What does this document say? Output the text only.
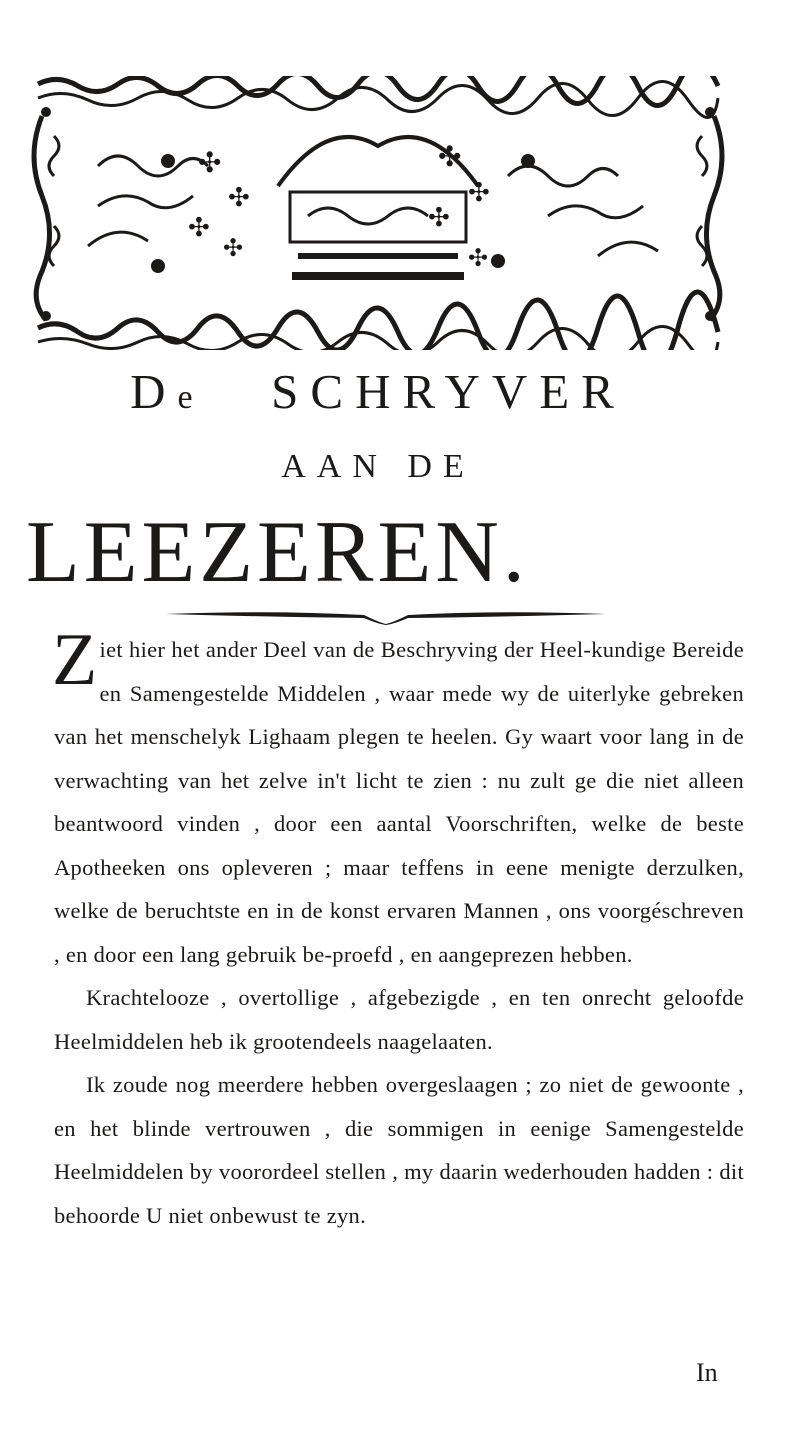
✣
✣
✣
✣
✣
✣
✣
✣
De SCHRYVER
AAN DE
LEEZEREN.

Ziet hier het ander Deel van de Beschryving der Heel-kundige Bereide en Samengestelde Middelen , waar mede wy de uiterlyke gebreken van het menschelyk Lighaam plegen te heelen. Gy waart voor lang in de verwachting van het zelve in't licht te zien : nu zult ge die niet alleen beantwoord vinden , door een aantal Voorschriften, welke de beste Apotheeken ons opleveren ; maar teffens in eene menigte derzulken, welke de beruchtste en in de konst ervaren Mannen , ons voorgéschreven , en door een lang gebruik be-proefd , en aangeprezen hebben.

Krachtelooze , overtollige , afgebezigde , en ten onrecht geloofde Heelmiddelen heb ik grootendeels naagelaaten.

Ik zoude nog meerdere hebben overgeslaagen ; zo niet de gewoonte , en het blinde vertrouwen , die sommigen in eenige Samengestelde Heelmiddelen by voorordeel stellen , my daarin wederhouden hadden : dit behoorde U niet onbewust te zyn.

In
